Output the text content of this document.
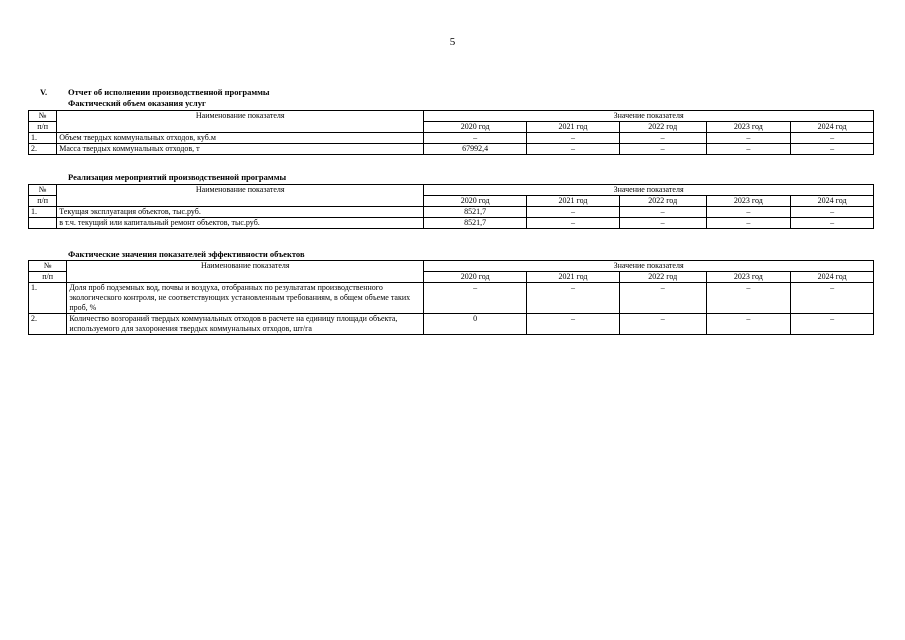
5
V. Отчет об исполнении производственной программы
Фактический объем оказания услуг
№	Наименование показателя	Значение показателя				
п/п		2020 год	2021 год	2022 год	2023 год	2024 год
1.	Объем твердых коммунальных отходов, куб.м	–	–	–	–	–
2.	Масса твердых коммунальных отходов, т	67992,4	–	–	–	–
Реализация мероприятий производственной программы
№	Наименование показателя	Значение показателя				
п/п		2020 год	2021 год	2022 год	2023 год	2024 год
1.	Текущая эксплуатация объектов, тыс.руб.	8521,7	–	–	–	–
	в т.ч. текущий или капитальный ремонт объектов, тыс.руб.	8521,7	–	–	–	–
Фактические значения показателей эффективности объектов
№	Наименование показателя	Значение показателя				
п/п		2020 год	2021 год	2022 год	2023 год	2024 год
1.	Доля проб подземных вод, почвы и воздуха, отобранных по результатам производственного экологического контроля, не соответствующих установленным требованиям, в общем объеме таких проб, %	–	–	–	–	–
2.	Количество возгораний твердых коммунальных отходов в расчете на единицу площади объекта, используемого для захоронения твердых коммунальных отходов, шт/га	0	–	–	–	–
